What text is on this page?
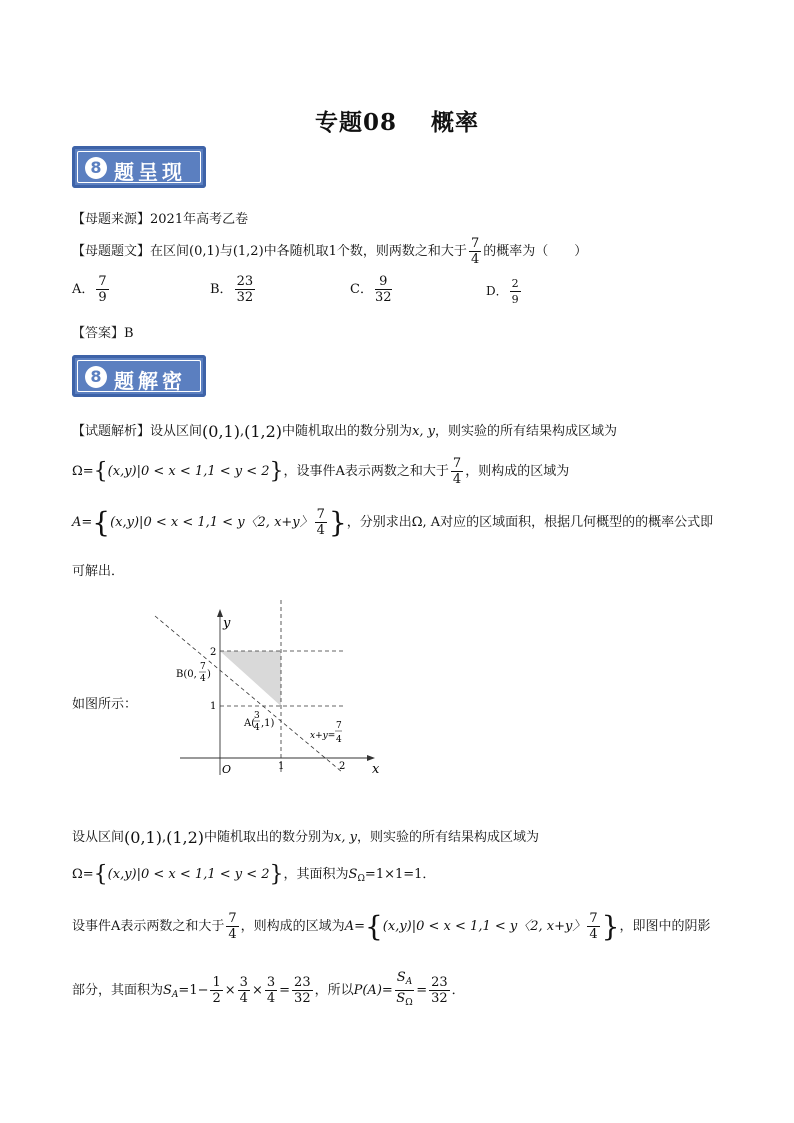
专题08 概率
8 题呈现
【母题来源】2021年高考乙卷
【母题题文】在区间(0,1)与(1,2)中各随机取1个数，则两数之和大于 $\frac{7}{4}$ 的概率为（　　）
A． $\frac{7}{9}$	B． $\frac{23}{32}$	C． $\frac{9}{32}$	D． $\frac{2}{9}$
【答案】B
8 题解密
【试题解析】设从区间(0,1),(1,2)中随机取出的数分别为x, y，则实验的所有结果构成区域为
Ω={(x,y)|0 < x < 1,1 < y < 2}，设事件A表示两数之和大于 $\frac{7}{4}$ ，则构成的区域为
A={(x,y)|0 < x < 1,1 < y〈2, x+y〉 $\frac{7}{4}$ }，分别求出Ω, A对应的区域面积，根据几何概型的的概率公式即
可解出．
如图所示：
y
x
O
2
1
1	2
B(0,
7
4 )
A(
3
4 ,1)
x+y=
7
4
设从区间(0,1),(1,2)中随机取出的数分别为x, y，则实验的所有结果构成区域为
Ω={(x,y)|0 < x < 1,1 < y < 2}，其面积为$S_\Omega=1\times 1=1$．
设事件A表示两数之和大于 $\frac{7}{4}$ ，则构成的区域为A={(x,y)|0 < x < 1,1 < y〈2, x+y〉 $\frac{7}{4}$ }，即图中的阴影
部分，其面积为$S_A=1- \frac{1}{2} \times \frac{3}{4} \times \frac{3}{4} = \frac{23}{32}$ ，所以$P(A)= \frac{S_A}{S_\Omega} = \frac{23}{32}$ ．
